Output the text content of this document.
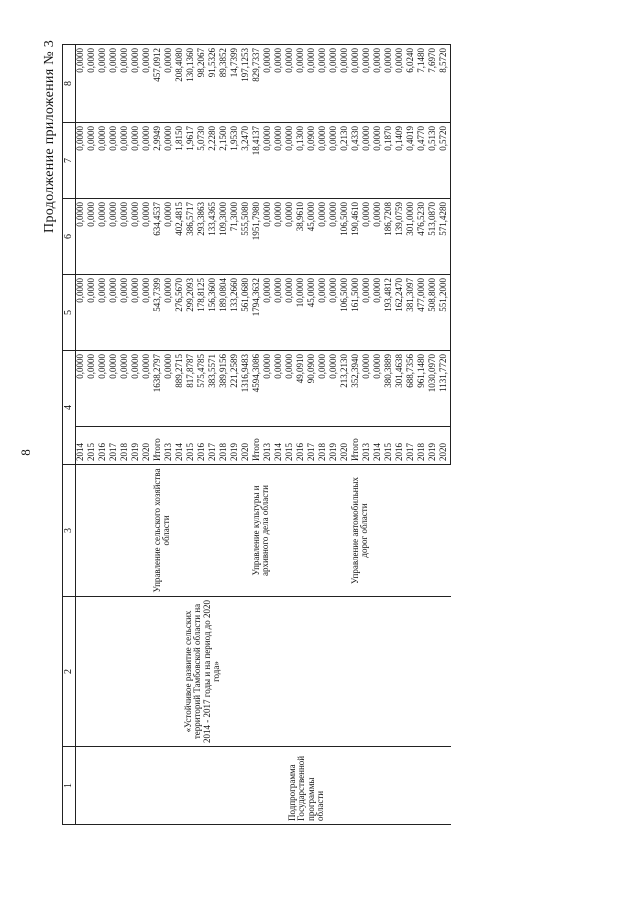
8
Продолжение приложения № 3
1	2	3	4		5	6	7	8

Подпрограмма Государственной программы области	«Устойчивое развитие сельских территорий Тамбовской области на 2014 - 2017 годы и на период до 2020 года»		2014	0,0000	0,0000	0,0000	0,0000	0,0000
			2015	0,0000	0,0000	0,0000	0,0000	0,0000
			2016	0,0000	0,0000	0,0000	0,0000	0,0000
			2017	0,0000	0,0000	0,0000	0,0000	0,0000
			2018	0,0000	0,0000	0,0000	0,0000	0,0000
			2019	0,0000	0,0000	0,0000	0,0000	0,0000
			2020	0,0000	0,0000	0,0000	0,0000	0,0000

		Управление сельского хозяйства области	Итого	1638,2797	543,7399	634,4537	2,9949	457,0912
			2013	0,0000	0,0000	0,0000	0,0000	0,0000
			2014	889,2715	276,5670	402,4815	1,8150	208,4080
			2015	817,8787	299,2093	386,5717	1,9617	130,1360
			2016	575,4785	178,8125	293,3863	5,0730	98,2067
			2017	383,5571	156,3600	133,4365	2,2280	91,5326
			2018	389,9156	189,0804	109,3000	2,1500	89,3852
			2019	221,2589	133,2660	71,3000	1,9530	14,7399
			2020	1316,9483	561,0680	555,5080	3,2470	197,1253

		Управление культуры и архивного дела области	Итого	4594,3086	1794,3632	1951,7980	18,4137	829,7337
			2013	0,0000	0,0000	0,0000	0,0000	0,0000
			2014	0,0000	0,0000	0,0000	0,0000	0,0000
			2015	0,0000	0,0000	0,0000	0,0000	0,0000
			2016	49,0910	10,0000	38,9610	0,1300	0,0000
			2017	90,0900	45,0000	45,0000	0,0900	0,0000
			2018	0,0000	0,0000	0,0000	0,0000	0,0000
			2019	0,0000	0,0000	0,0000	0,0000	0,0000
			2020	213,2130	106,5000	106,5000	0,2130	0,0000

		Управление автомобильных дорог области	Итого	352,3940	161,5000	190,4610	0,4330	0,0000
			2013	0,0000	0,0000	0,0000	0,0000	0,0000
			2014	0,0000	0,0000	0,0000	0,0000	0,0000
			2015	380,3889	193,4812	186,7208	0,1870	0,0000
			2016	301,4638	162,2470	139,0759	0,1409	0,0000
			2017	688,7356	381,3097	301,0000	0,4019	6,0240
			2018	961,1480	477,0000	476,5230	0,4770	7,1480
			2019	1030,0970	508,8000	513,0870	0,5130	7,6970
			2020	1131,7720	551,2000	571,4280	0,5720	8,5720
